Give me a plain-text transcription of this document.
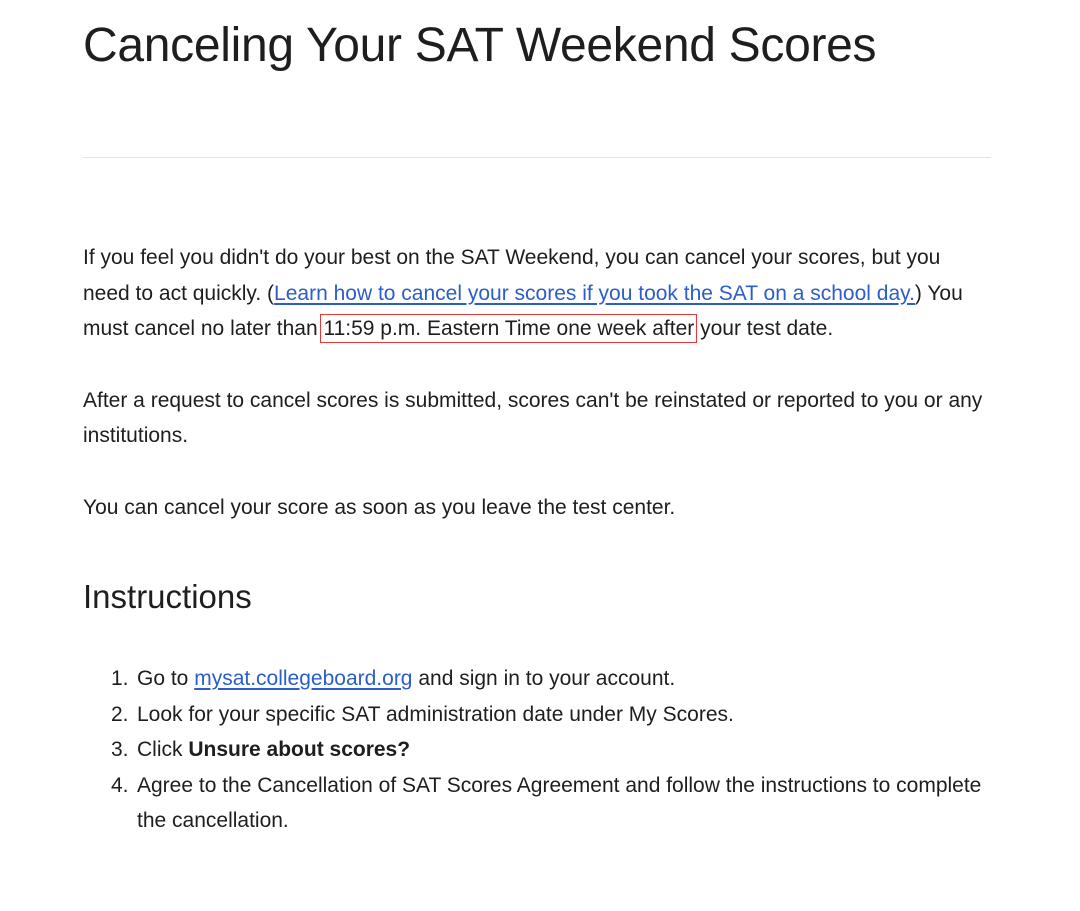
Canceling Your SAT Weekend Scores

If you feel you didn't do your best on the SAT Weekend, you can cancel your scores, but you need to act quickly. (Learn how to cancel your scores if you took the SAT on a school day.) You must cancel no later than 11:59 p.m. Eastern Time one week after your test date.

After a request to cancel scores is submitted, scores can't be reinstated or reported to you or any institutions.

You can cancel your score as soon as you leave the test center.

Instructions
1. Go to mysat.collegeboard.org and sign in to your account.
2. Look for your specific SAT administration date under My Scores.
3. Click Unsure about scores?
4. Agree to the Cancellation of SAT Scores Agreement and follow the instructions to complete the cancellation.
